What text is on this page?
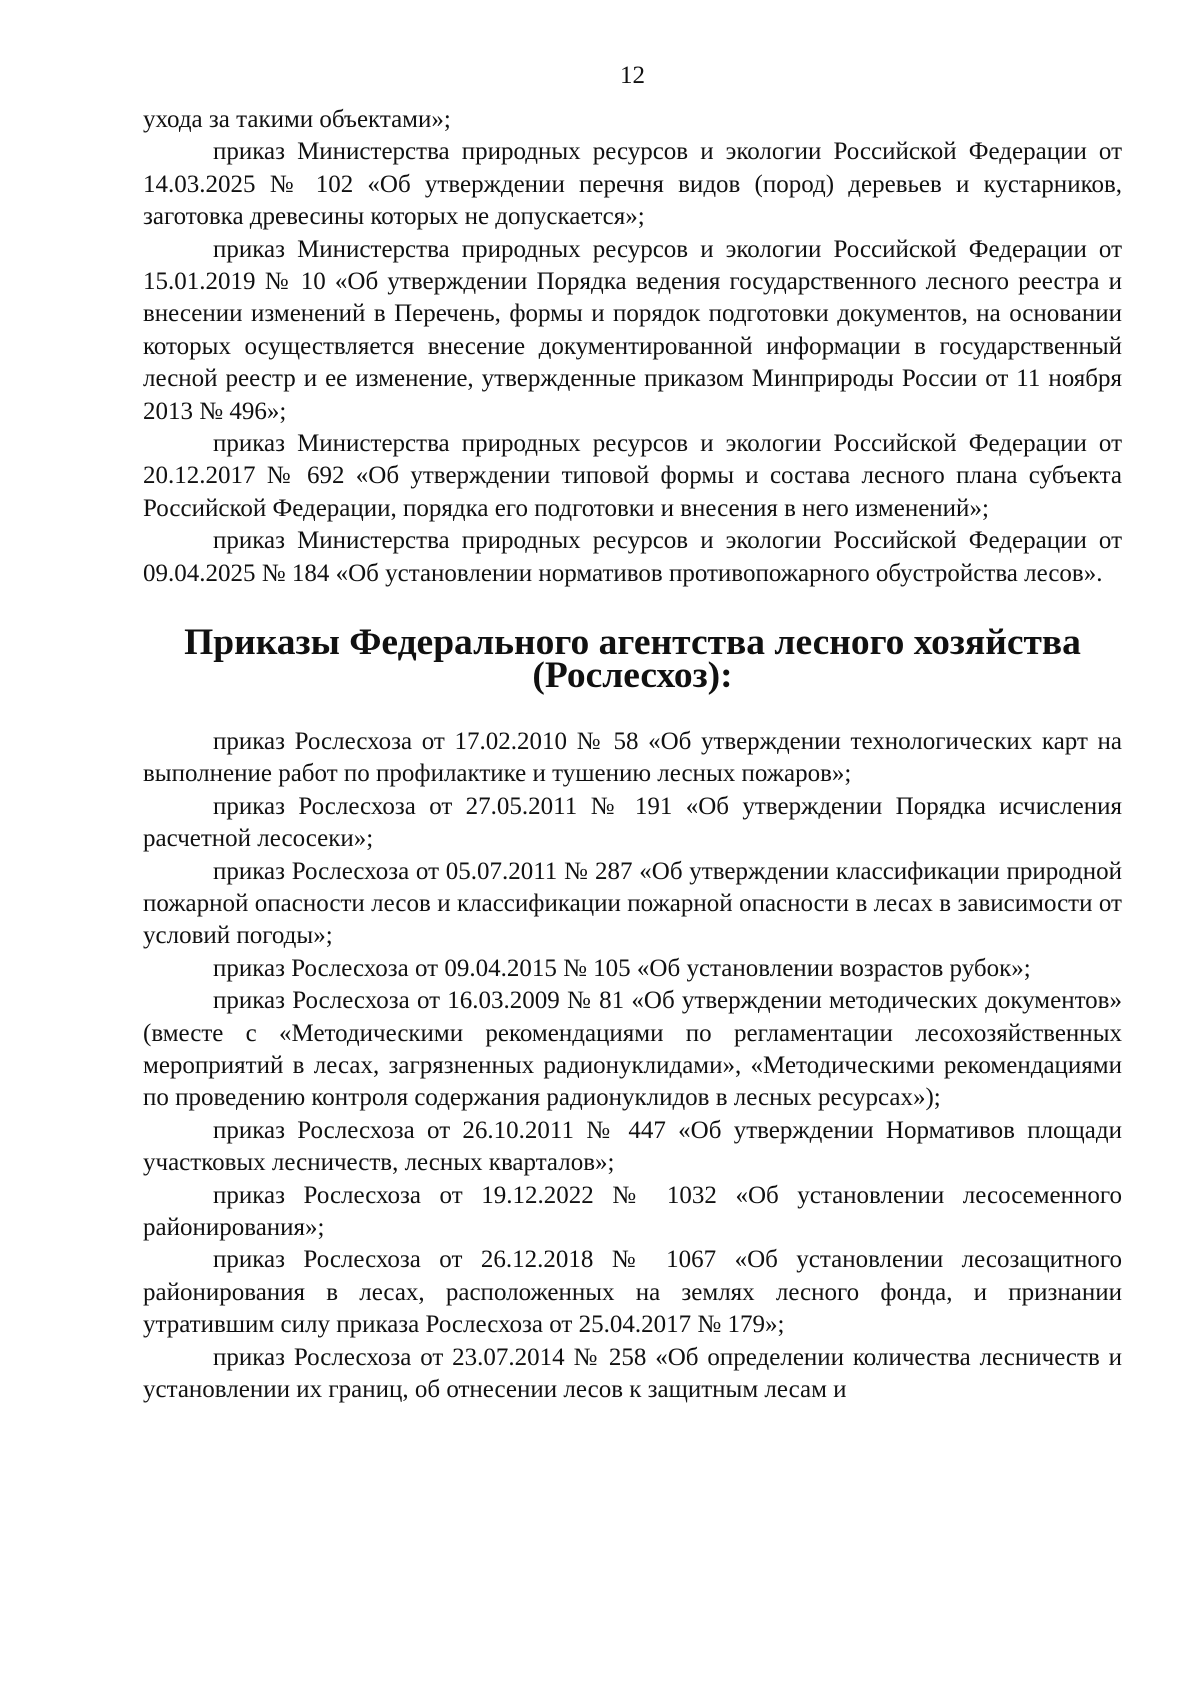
12

ухода за такими объектами»;

приказ Министерства природных ресурсов и экологии Российской Федерации от 14.03.2025 № 102 «Об утверждении перечня видов (пород) деревьев и кустарников, заготовка древесины которых не допускается»;

приказ Министерства природных ресурсов и экологии Российской Федерации от 15.01.2019 № 10 «Об утверждении Порядка ведения государственного лесного реестра и внесении изменений в Перечень, формы и порядок подготовки документов, на основании которых осуществляется внесение документированной информации в государственный лесной реестр и ее изменение, утвержденные приказом Минприроды России от 11 ноября 2013 № 496»;

приказ Министерства природных ресурсов и экологии Российской Федерации от 20.12.2017 № 692 «Об утверждении типовой формы и состава лесного плана субъекта Российской Федерации, порядка его подготовки и внесения в него изменений»;

приказ Министерства природных ресурсов и экологии Российской Федерации от 09.04.2025 № 184 «Об установлении нормативов противопожарного обустройства лесов».

Приказы Федерального агентства лесного хозяйства (Рослесхоз):

приказ Рослесхоза от 17.02.2010 № 58 «Об утверждении технологических карт на выполнение работ по профилактике и тушению лесных пожаров»;

приказ Рослесхоза от 27.05.2011 № 191 «Об утверждении Порядка исчисления расчетной лесосеки»;

приказ Рослесхоза от 05.07.2011 № 287 «Об утверждении классификации природной пожарной опасности лесов и классификации пожарной опасности в лесах в зависимости от условий погоды»;

приказ Рослесхоза от 09.04.2015 № 105 «Об установлении возрастов рубок»;

приказ Рослесхоза от 16.03.2009 № 81 «Об утверждении методических документов» (вместе с «Методическими рекомендациями по регламентации лесохозяйственных мероприятий в лесах, загрязненных радионуклидами», «Методическими рекомендациями по проведению контроля содержания радионуклидов в лесных ресурсах»);

приказ Рослесхоза от 26.10.2011 № 447 «Об утверждении Нормативов площади участковых лесничеств, лесных кварталов»;

приказ Рослесхоза от 19.12.2022 № 1032 «Об установлении лесосеменного районирования»;

приказ Рослесхоза от 26.12.2018 № 1067 «Об установлении лесозащитного районирования в лесах, расположенных на землях лесного фонда, и признании утратившим силу приказа Рослесхоза от 25.04.2017 № 179»;

приказ Рослесхоза от 23.07.2014 № 258 «Об определении количества лесничеств и установлении их границ, об отнесении лесов к защитным лесам и
